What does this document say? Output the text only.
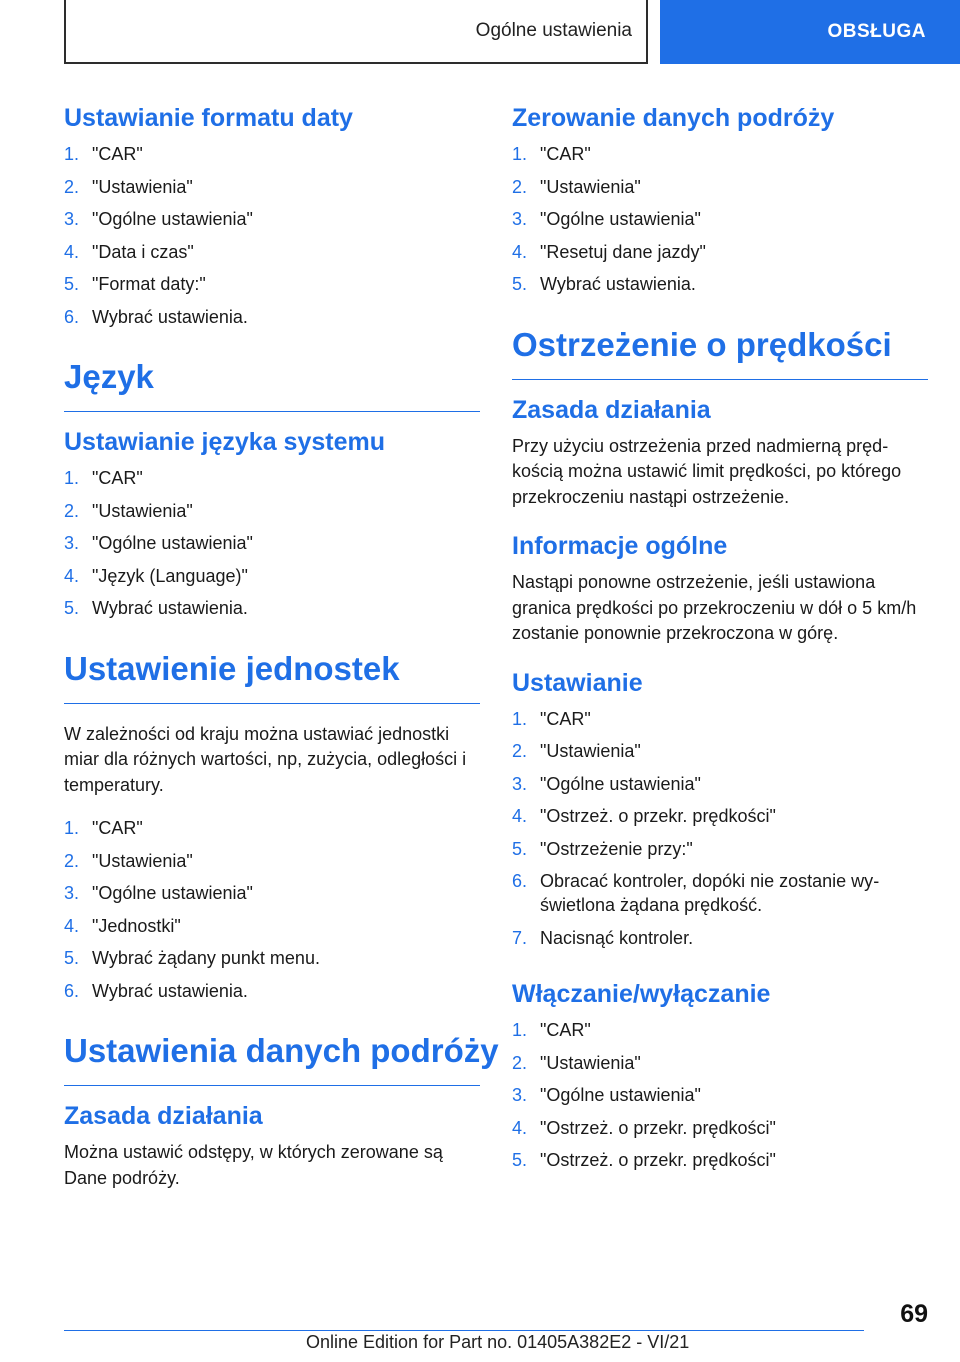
Ogólne ustawienia	OBSŁUGA
Ustawianie formatu daty
1. "CAR"
2. "Ustawienia"
3. "Ogólne ustawienia"
4. "Data i czas"
5. "Format daty:"
6. Wybrać ustawienia.
Język
Ustawianie języka systemu
1. "CAR"
2. "Ustawienia"
3. "Ogólne ustawienia"
4. "Język (Language)"
5. Wybrać ustawienia.
Ustawienie jednostek

W zależności od kraju można ustawiać jednostki miar dla różnych wartości, np, zużycia, odległości i temperatury.

1. "CAR"
2. "Ustawienia"
3. "Ogólne ustawienia"
4. "Jednostki"
5. Wybrać żądany punkt menu.
6. Wybrać ustawienia.
Ustawienia danych podróży
Zasada działania

Można ustawić odstępy, w których zerowane są Dane podróży.

Zerowanie danych podróży
1. "CAR"
2. "Ustawienia"
3. "Ogólne ustawienia"
4. "Resetuj dane jazdy"
5. Wybrać ustawienia.
Ostrzeżenie o prędkości
Zasada działania

Przy użyciu ostrzeżenia przed nadmierną prędkością można ustawić limit prędkości, po którego przekroczeniu nastąpi ostrzeżenie.

Informacje ogólne

Nastąpi ponowne ostrzeżenie, jeśli ustawiona granica prędkości po przekroczeniu w dół o 5 km/h zostanie ponownie przekroczona w górę.

Ustawianie
1. "CAR"
2. "Ustawienia"
3. "Ogólne ustawienia"
4. "Ostrzeż. o przekr. prędkości"
5. "Ostrzeżenie przy:"
6. Obracać kontroler, dopóki nie zostanie wyświetlona żądana prędkość.
7. Nacisnąć kontroler.
Włączanie/wyłączanie
1. "CAR"
2. "Ustawienia"
3. "Ogólne ustawienia"
4. "Ostrzeż. o przekr. prędkości"
5. "Ostrzeż. o przekr. prędkości"
69
Online Edition for Part no. 01405A382E2 - VI/21
